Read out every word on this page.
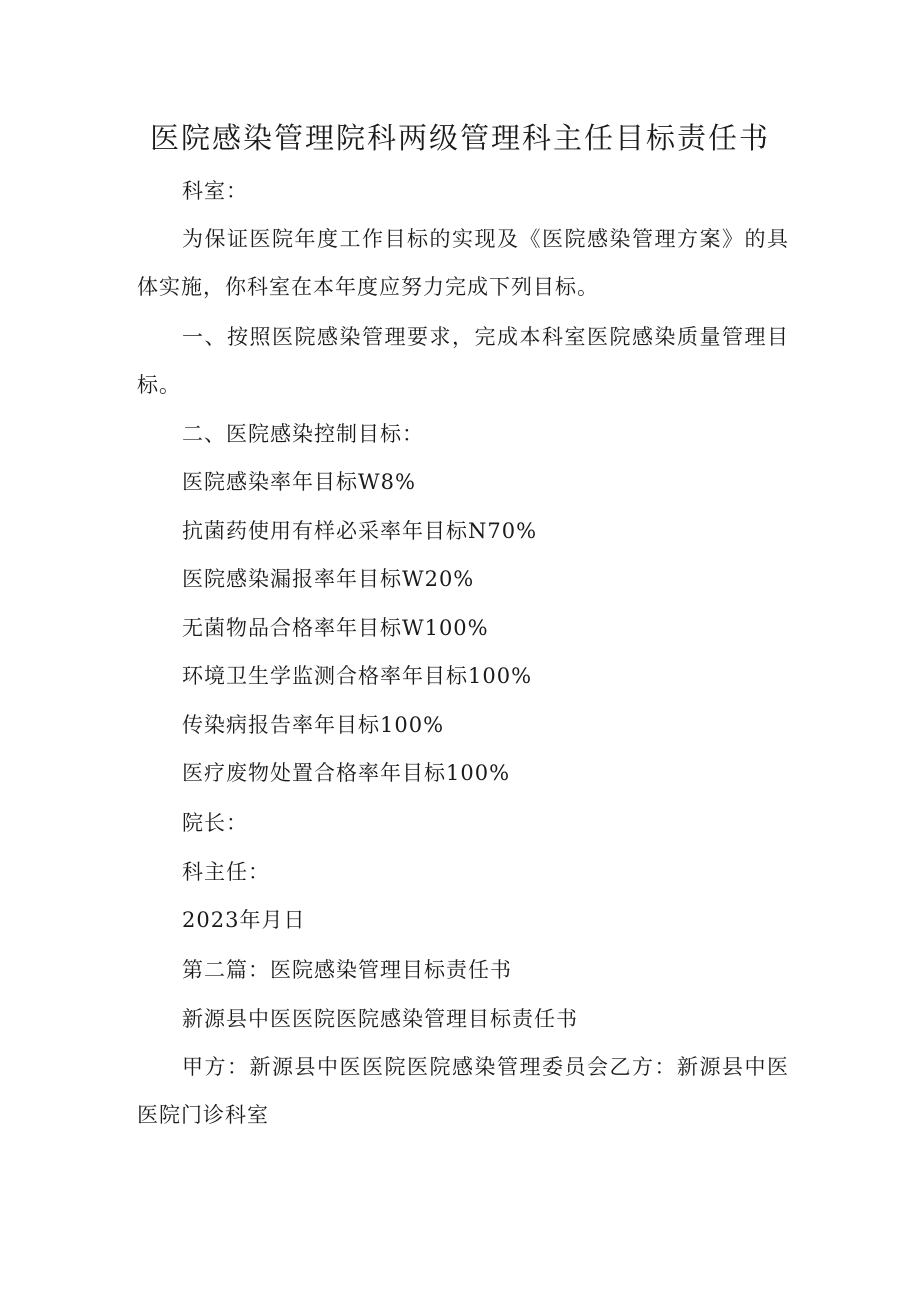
医院感染管理院科两级管理科主任目标责任书
科室：
为保证医院年度工作目标的实现及《医院感染管理方案》的具体实施，你科室在本年度应努力完成下列目标。
一、按照医院感染管理要求，完成本科室医院感染质量管理目标。
二、医院感染控制目标：
医院感染率年目标W8%
抗菌药使用有样必采率年目标N70%
医院感染漏报率年目标W20%
无菌物品合格率年目标W100%
环境卫生学监测合格率年目标100%
传染病报告率年目标100%
医疗废物处置合格率年目标100%
院长：
科主任：
2023年月日
第二篇：医院感染管理目标责任书
新源县中医医院医院感染管理目标责任书
甲方：新源县中医医院医院感染管理委员会乙方：新源县中医医院门诊科室
